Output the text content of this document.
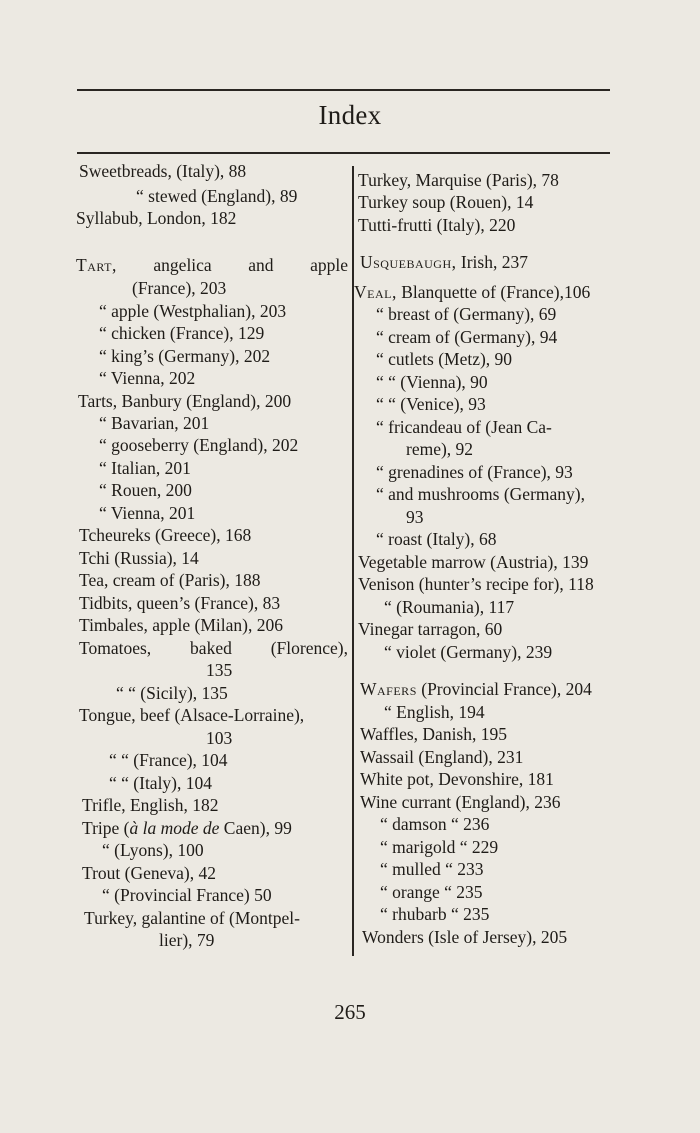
Index
Sweetbreads, (Italy), 88
“ stewed (England), 89
Syllabub, London, 182
Tart, angelica and apple
(France), 203
“ apple (Westphalian), 203
“ chicken (France), 129
“ king’s (Germany), 202
“ Vienna, 202
Tarts, Banbury (England), 200
“ Bavarian, 201
“ gooseberry (England), 202
“ Italian, 201
“ Rouen, 200
“ Vienna, 201
Tcheureks (Greece), 168
Tchi (Russia), 14
Tea, cream of (Paris), 188
Tidbits, queen’s (France), 83
Timbales, apple (Milan), 206
Tomatoes, baked (Florence),
135
“ “ (Sicily), 135
Tongue, beef (Alsace-Lorraine),
103
“ “ (France), 104
“ “ (Italy), 104
Trifle, English, 182
Tripe (à la mode de Caen), 99
“ (Lyons), 100
Trout (Geneva), 42
“ (Provincial France) 50
Turkey, galantine of (Montpel-
lier), 79
Turkey, Marquise (Paris), 78
Turkey soup (Rouen), 14
Tutti-frutti (Italy), 220
Usquebaugh, Irish, 237
Veal, Blanquette of (France),106
“ breast of (Germany), 69
“ cream of (Germany), 94
“ cutlets (Metz), 90
“ “ (Vienna), 90
“ “ (Venice), 93
“ fricandeau of (Jean Ca-
reme), 92
“ grenadines of (France), 93
“ and mushrooms (Germany),
93
“ roast (Italy), 68
Vegetable marrow (Austria), 139
Venison (hunter’s recipe for), 118
“ (Roumania), 117
Vinegar tarragon, 60
“ violet (Germany), 239
Wafers (Provincial France), 204
“ English, 194
Waffles, Danish, 195
Wassail (England), 231
White pot, Devonshire, 181
Wine currant (England), 236
“ damson “ 236
“ marigold “ 229
“ mulled “ 233
“ orange “ 235
“ rhubarb “ 235
Wonders (Isle of Jersey), 205
265
